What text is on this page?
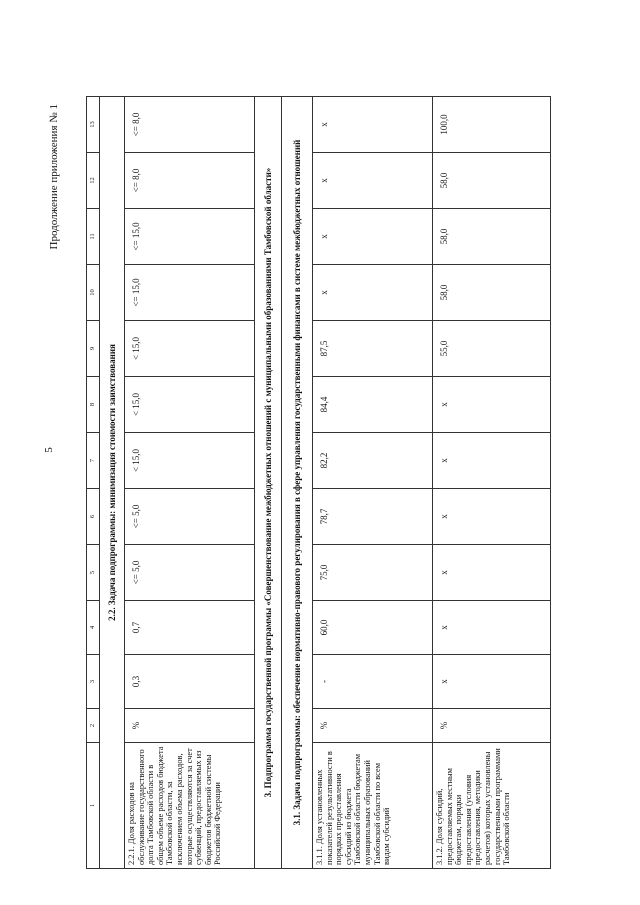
5
Продолжение приложения № 1
1	2	3	4	5	6	7	8	9	10	11	12	13
2.2. Задача подпрограммы: минимизация стоимости заимствования												
2.2.1. Доля расходов на обслуживание государственного долга Тамбовской области в общем объеме расходов бюджета Тамбовской области, за исключением объема расходов, которые осуществляются за счет субвенций, предоставляемых из бюджетов бюджетной системы Российской Федерации	%	0,3	0,7	<= 5,0	<= 5,0	< 15,0	< 15,0	< 15,0	<= 15,0	<= 15,0	<= 8,0	<= 8,0
3. Подпрограмма государственной программы «Совершенствование межбюджетных отношений с муниципальными образованиями Тамбовской области»												
3.1. Задача подпрограммы: обеспечение нормативно-правового регулирования в сфере управления государственными финансами в системе межбюджетных отношений												
3.1.1. Доля установленных показателей результативности в порядках предоставления субсидий из бюджета Тамбовской области бюджетам муниципальных образований Тамбовской области по всем видам субсидий	%	-	60,0	75,0	78,7	82,2	84,4	87,5	x	x	x	x
3.1.2. Доля субсидий, предоставляемых местным бюджетам, порядки предоставления (условия предоставления, методики расчетов) которых установлены государственными программами Тамбовской области	%	x	x	x	x	x	x	55,0	58,0	58,0	58,0	100,0
